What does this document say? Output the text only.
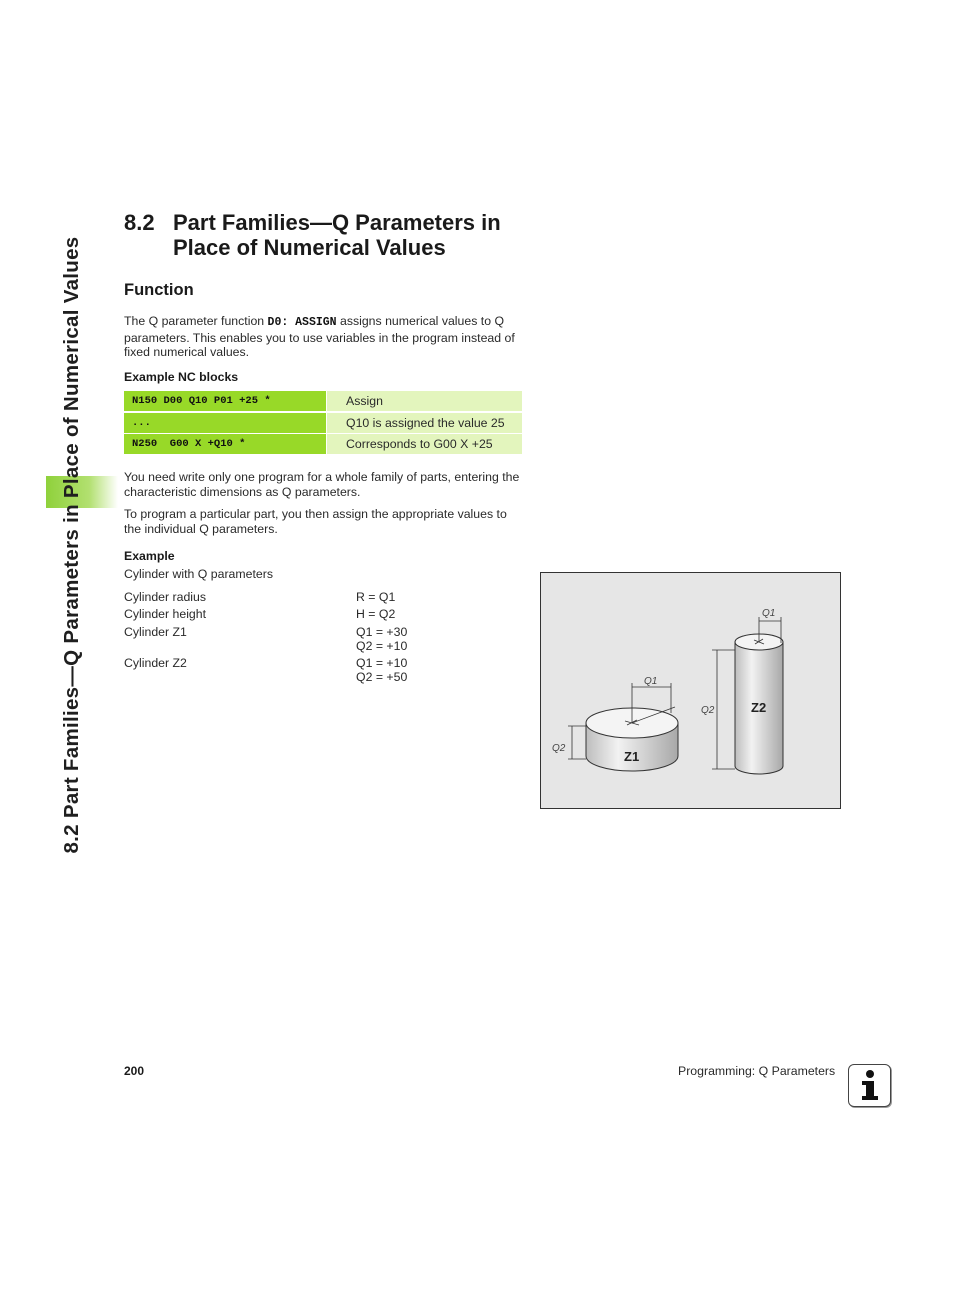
8.2 Part Families—Q Parameters in Place of Numerical Values
8.2 Part Families—Q Parameters in Place of Numerical Values
Function
The Q parameter function D0: ASSIGN assigns numerical values to Q parameters. This enables you to use variables in the program instead of fixed numerical values.
Example NC blocks
N150 D00 Q10 P01 +25 *	Assign
...	Q10 is assigned the value 25
N250  G00 X +Q10 *	Corresponds to G00 X +25
You need write only one program for a whole family of parts, entering the characteristic dimensions as Q parameters.
To program a particular part, you then assign the appropriate values to the individual Q parameters.
Example
Cylinder with Q parameters
Cylinder radius	R = Q1
Cylinder height	H = Q2
Cylinder Z1	Q1 = +30
Q2 = +10
Cylinder Z2	Q1 = +10
Q2 = +50	Q1
Q2
Z1
Q1
Q2	Z2
200	Programming: Q Parameters
